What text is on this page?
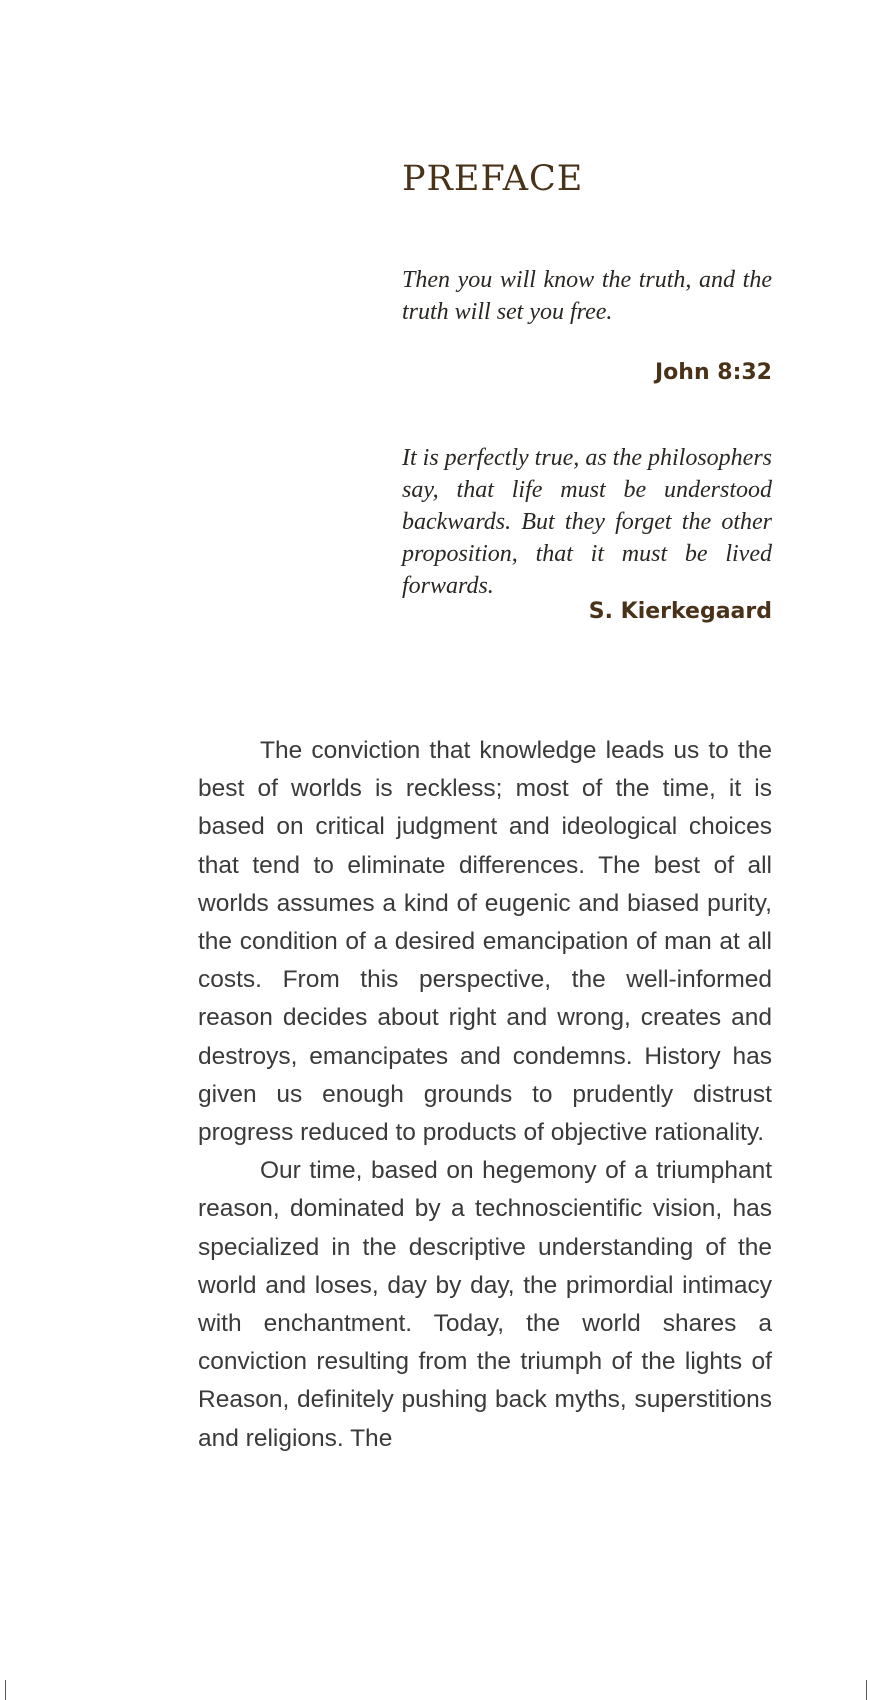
PREFACE

Then you will know the truth, and the truth will set you free.

John 8:32

It is perfectly true, as the philosophers say, that life must be understood backwards. But they forget the other proposition, that it must be lived forwards.

S. Kierkegaard

The conviction that knowledge leads us to the best of worlds is reckless; most of the time, it is based on critical judgment and ideological choices that tend to eliminate differences. The best of all worlds assumes a kind of eugenic and biased purity, the condition of a desired emancipation of man at all costs. From this perspective, the well-informed reason decides about right and wrong, creates and destroys, emancipates and condemns. History has given us enough grounds to prudently distrust progress reduced to products of objective rationality.

Our time, based on hegemony of a triumphant reason, dominated by a technoscientific vision, has specialized in the descriptive understanding of the world and loses, day by day, the primordial intimacy with enchantment. Today, the world shares a conviction resulting from the triumph of the lights of Reason, definitely pushing back myths, superstitions and religions. The
